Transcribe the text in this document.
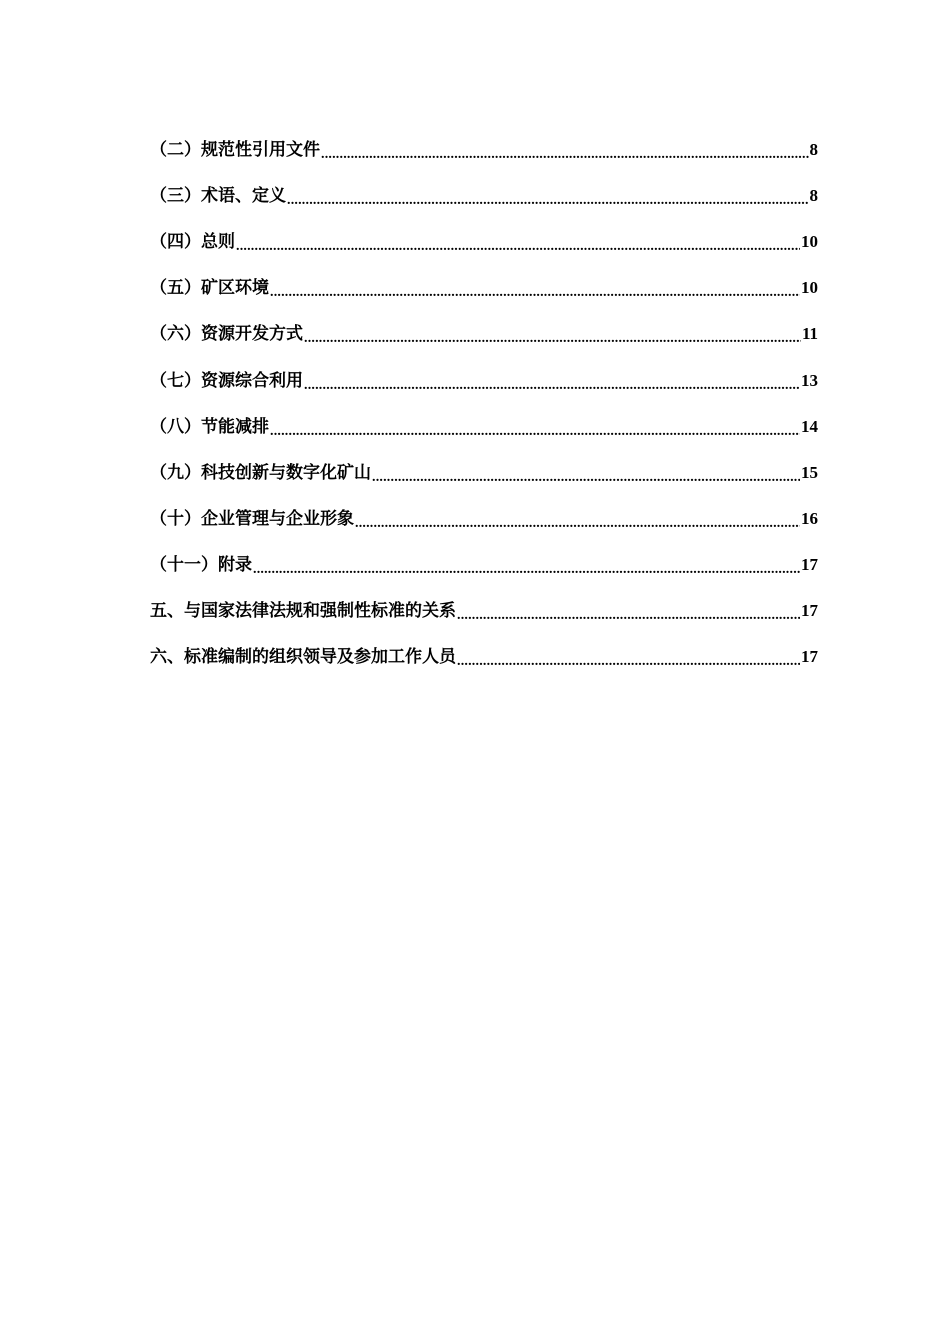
（二）规范性引用文件 .....	8
（三）术语、定义 .....	8
（四）总则 .....	10
（五）矿区环境 .....	10
（六）资源开发方式 .....	11
（七）资源综合利用 .....	13
（八）节能减排 .....	14
（九）科技创新与数字化矿山 .....	15
（十）企业管理与企业形象 .....	16
（十一）附录 .....	17
五、与国家法律法规和强制性标准的关系 .....	17
六、标准编制的组织领导及参加工作人员 .....	17
